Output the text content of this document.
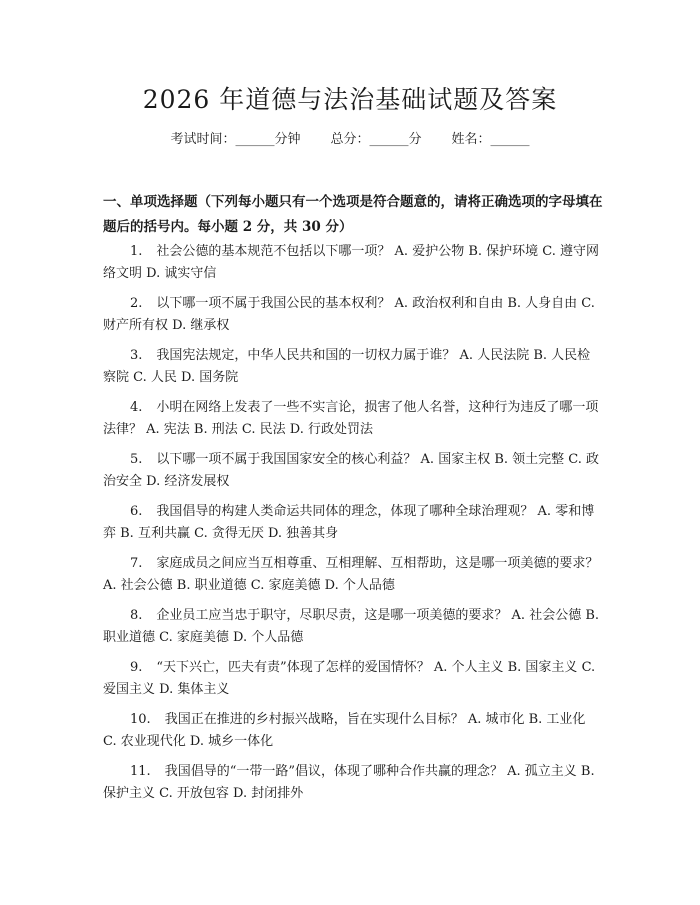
2026 年道德与法治基础试题及答案
考试时间：______分钟 总分：______分 姓名：______
一、单项选择题（下列每小题只有一个选项是符合题意的，请将正确选项的字母填在题后的括号内。每小题 2 分，共 30 分）
1. 社会公德的基本规范不包括以下哪一项？ A. 爱护公物 B. 保护环境 C. 遵守网络文明 D. 诚实守信
2. 以下哪一项不属于我国公民的基本权利？ A. 政治权利和自由 B. 人身自由 C. 财产所有权 D. 继承权
3. 我国宪法规定，中华人民共和国的一切权力属于谁？ A. 人民法院 B. 人民检察院 C. 人民 D. 国务院
4. 小明在网络上发表了一些不实言论，损害了他人名誉，这种行为违反了哪一项法律？ A. 宪法 B. 刑法 C. 民法 D. 行政处罚法
5. 以下哪一项不属于我国国家安全的核心利益？ A. 国家主权 B. 领土完整 C. 政治安全 D. 经济发展权
6. 我国倡导的构建人类命运共同体的理念，体现了哪种全球治理观？ A. 零和博弈 B. 互利共赢 C. 贪得无厌 D. 独善其身
7. 家庭成员之间应当互相尊重、互相理解、互相帮助，这是哪一项美德的要求？ A. 社会公德 B. 职业道德 C. 家庭美德 D. 个人品德
8. 企业员工应当忠于职守，尽职尽责，这是哪一项美德的要求？ A. 社会公德 B. 职业道德 C. 家庭美德 D. 个人品德
9. “天下兴亡，匹夫有责”体现了怎样的爱国情怀？ A. 个人主义 B. 国家主义 C. 爱国主义 D. 集体主义
10. 我国正在推进的乡村振兴战略，旨在实现什么目标？ A. 城市化 B. 工业化 C. 农业现代化 D. 城乡一体化
11. 我国倡导的“一带一路”倡议，体现了哪种合作共赢的理念？ A. 孤立主义 B. 保护主义 C. 开放包容 D. 封闭排外
